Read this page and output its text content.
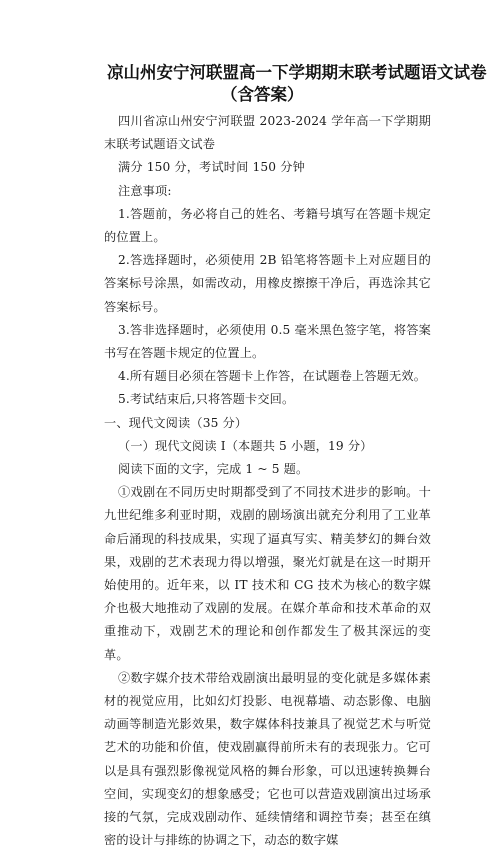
凉山州安宁河联盟高一下学期期末联考试题语文试卷
（含答案）

四川省凉山州安宁河联盟 2023-2024 学年高一下学期期末联考试题语文试卷

满分 150 分，考试时间 150 分钟

注意事项:

1.答题前，务必将自己的姓名、考籍号填写在答题卡规定的位置上。

2.答选择题时，必须使用 2B 铅笔将答题卡上对应题目的答案标号涂黑，如需改动，用橡皮擦擦干净后，再选涂其它答案标号。

3.答非选择题时，必须使用 0.5 毫米黑色签字笔，将答案书写在答题卡规定的位置上。

4.所有题目必须在答题卡上作答，在试题卷上答题无效。

5.考试结束后,只将答题卡交回。

一、现代文阅读（35 分）

（一）现代文阅读 I（本题共 5 小题，19 分）

阅读下面的文字，完成 1 ~ 5 题。

①戏剧在不同历史时期都受到了不同技术进步的影响。十九世纪维多利亚时期，戏剧的剧场演出就充分利用了工业革命后涌现的科技成果，实现了逼真写实、精美梦幻的舞台效果，戏剧的艺术表现力得以增强，聚光灯就是在这一时期开始使用的。近年来，以 IT 技术和 CG 技术为核心的数字媒介也极大地推动了戏剧的发展。在媒介革命和技术革命的双重推动下，戏剧艺术的理论和创作都发生了极其深远的变革。

②数字媒介技术带给戏剧演出最明显的变化就是多媒体素材的视觉应用，比如幻灯投影、电视幕墙、动态影像、电脑动画等制造光影效果，数字媒体科技兼具了视觉艺术与听觉艺术的功能和价值，使戏剧赢得前所未有的表现张力。它可以是具有强烈影像视觉风格的舞台形象，可以迅速转换舞台空间，实现变幻的想象感受；它也可以营造戏剧演出过场承接的气氛，完成戏剧动作、延续情绪和调控节奏；甚至在缜密的设计与排练的协调之下，动态的数字媒
